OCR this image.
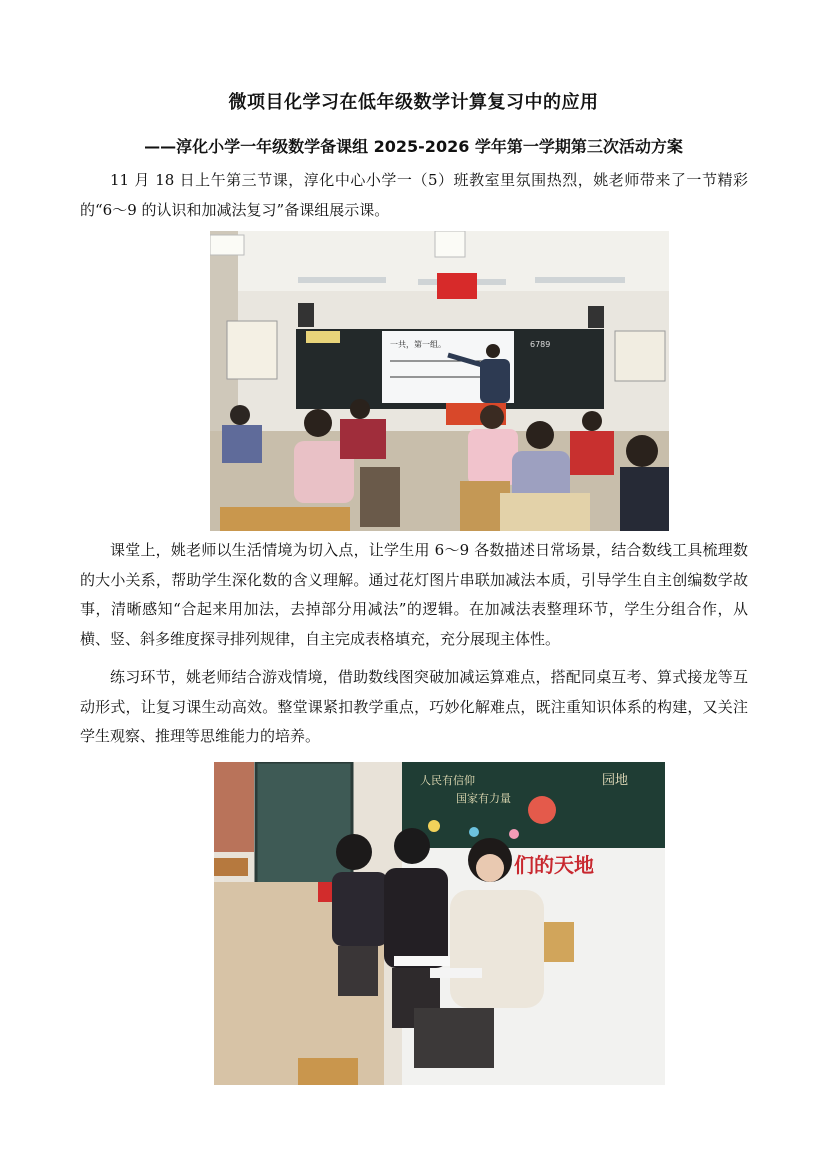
微项目化学习在低年级数学计算复习中的应用
——淳化小学一年级数学备课组 2025-2026 学年第一学期第三次活动方案
11 月 18 日上午第三节课，淳化中心小学一（5）班教室里氛围热烈，姚老师带来了一节精彩的“6～9 的认识和加减法复习”备课组展示课。
一共，第一组。	6789
课堂上，姚老师以生活情境为切入点，让学生用 6～9 各数描述日常场景，结合数线工具梳理数的大小关系，帮助学生深化数的含义理解。通过花灯图片串联加减法本质，引导学生自主创编数学故事，清晰感知“合起来用加法，去掉部分用减法”的逻辑。在加减法表整理环节，学生分组合作，从横、竖、斜多维度探寻排列规律，自主完成表格填充，充分展现主体性。
练习环节，姚老师结合游戏情境，借助数线图突破加减运算难点，搭配同桌互考、算式接龙等互动形式，让复习课生动高效。整堂课紧扣教学重点，巧妙化解难点，既注重知识体系的构建，又关注学生观察、推理等思维能力的培养。
人民有信仰
国家有力量
园地
们的天地
